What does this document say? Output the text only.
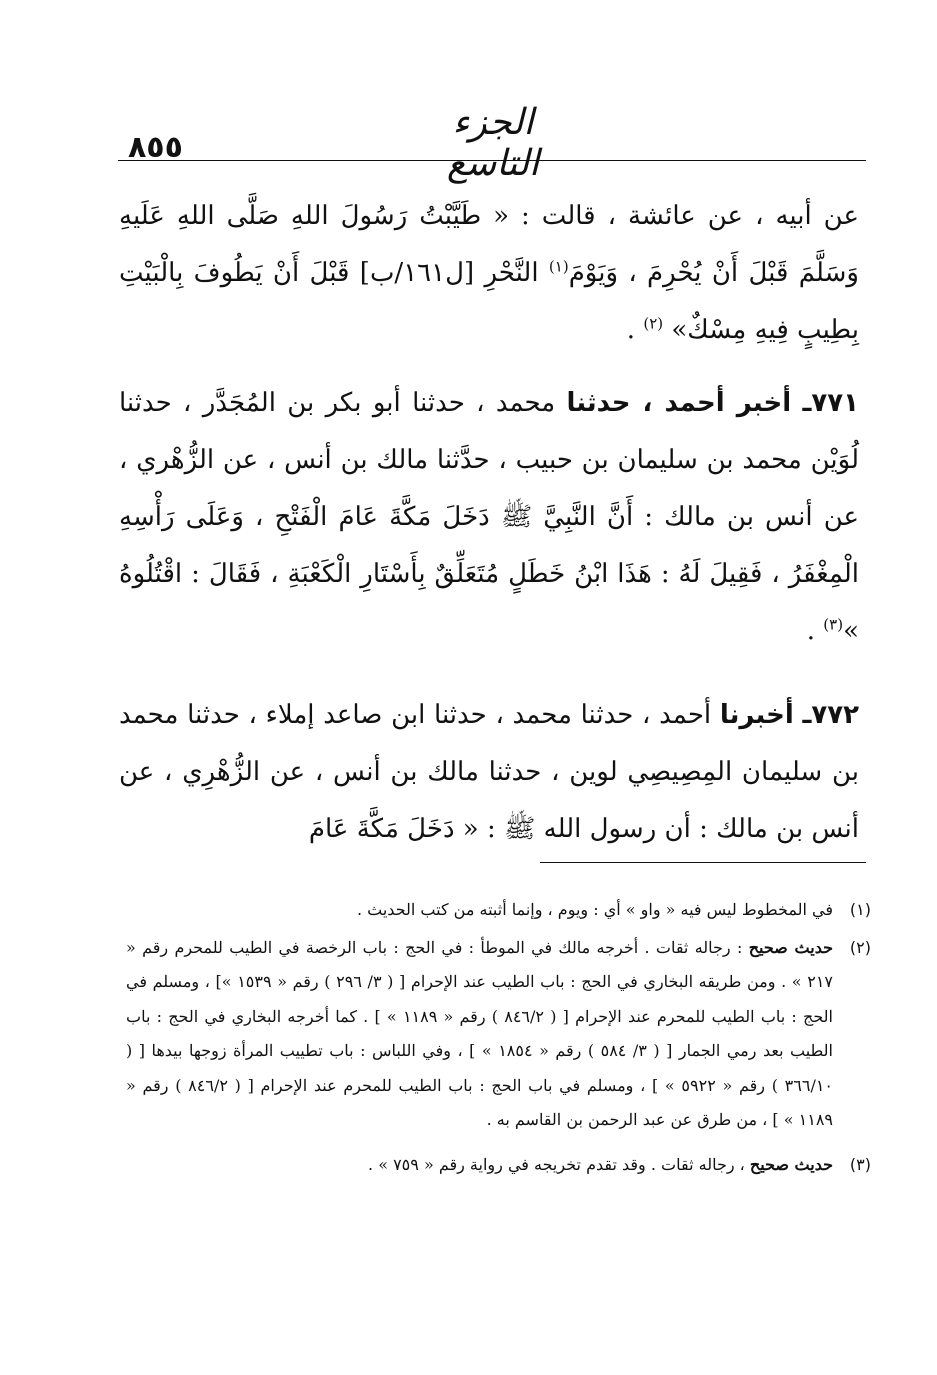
٨٥٥
الجزء التاسع
عن أبيه ، عن عائشة ، قالت : « طَيَّبْتُ رَسُولَ اللهِ صَلَّى اللهِ عَلَيهِ وَسَلَّمَ قَبْلَ أَنْ يُحْرِمَ ، وَيَوْمَ$^{(١)}$ النَّحْرِ [ل١٦١/ب] قَبْلَ أَنْ يَطُوفَ بِالْبَيْتِ بِطِيبٍ فِيهِ مِسْكٌ» $^{(٢)}$ .
٧٧١ـ أخبر أحمد ، حدثنا محمد ، حدثنا أبو بكر بن المُجَدَّر ، حدثنا لُوَيْن محمد بن سليمان بن حبيب ، حدَّثنا مالك بن أنس ، عن الزُّهْري ، عن أنس بن مالك : أَنَّ النَّبِيَّ ﷺ دَخَلَ مَكَّةَ عَامَ الْفَتْحِ ، وَعَلَى رَأْسِهِ الْمِغْفَرُ ، فَقِيلَ لَهُ : هَذَا ابْنُ خَطَلٍ مُتَعَلِّقٌ بِأَسْتَارِ الْكَعْبَةِ ، فَقَالَ : اقْتُلُوهُ »$^{(٣)}$ .
٧٧٢ـ أخبرنا أحمد ، حدثنا محمد ، حدثنا ابن صاعد إملاء ، حدثنا محمد بن سليمان المِصِيصِي لوين ، حدثنا مالك بن أنس ، عن الزُّهْرِي ، عن أنس بن مالك : أن رسول الله ﷺ : « دَخَلَ مَكَّةَ عَامَ
(١)
في المخطوط ليس فيه « واو » أي : ويوم ، وإنما أثبته من كتب الحديث .
(٢)
حديث صحيح : رجاله ثقات . أخرجه مالك في الموطأ : في الحج : باب الرخصة في الطيب للمحرم رقم « ٢١٧ » . ومن طريقه البخاري في الحج : باب الطيب عند الإحرام [ ( ٣/ ٢٩٦ ) رقم « ١٥٣٩ »] ، ومسلم في الحج : باب الطيب للمحرم عند الإحرام [ ( ٨٤٦/٢ ) رقم « ١١٨٩ » ] . كما أخرجه البخاري في الحج : باب الطيب بعد رمي الجمار [ ( ٣/ ٥٨٤ ) رقم « ١٨٥٤ » ] ، وفي اللباس : باب تطييب المرأة زوجها بيدها [ ( ٣٦٦/١٠ ) رقم « ٥٩٢٢ » ] ، ومسلم في باب الحج : باب الطيب للمحرم عند الإحرام [ ( ٨٤٦/٢ ) رقم « ١١٨٩ » ] ، من طرق عن عبد الرحمن بن القاسم به .
(٣)
حديث صحيح ، رجاله ثقات . وقد تقدم تخريجه في رواية رقم « ٧٥٩ » .
